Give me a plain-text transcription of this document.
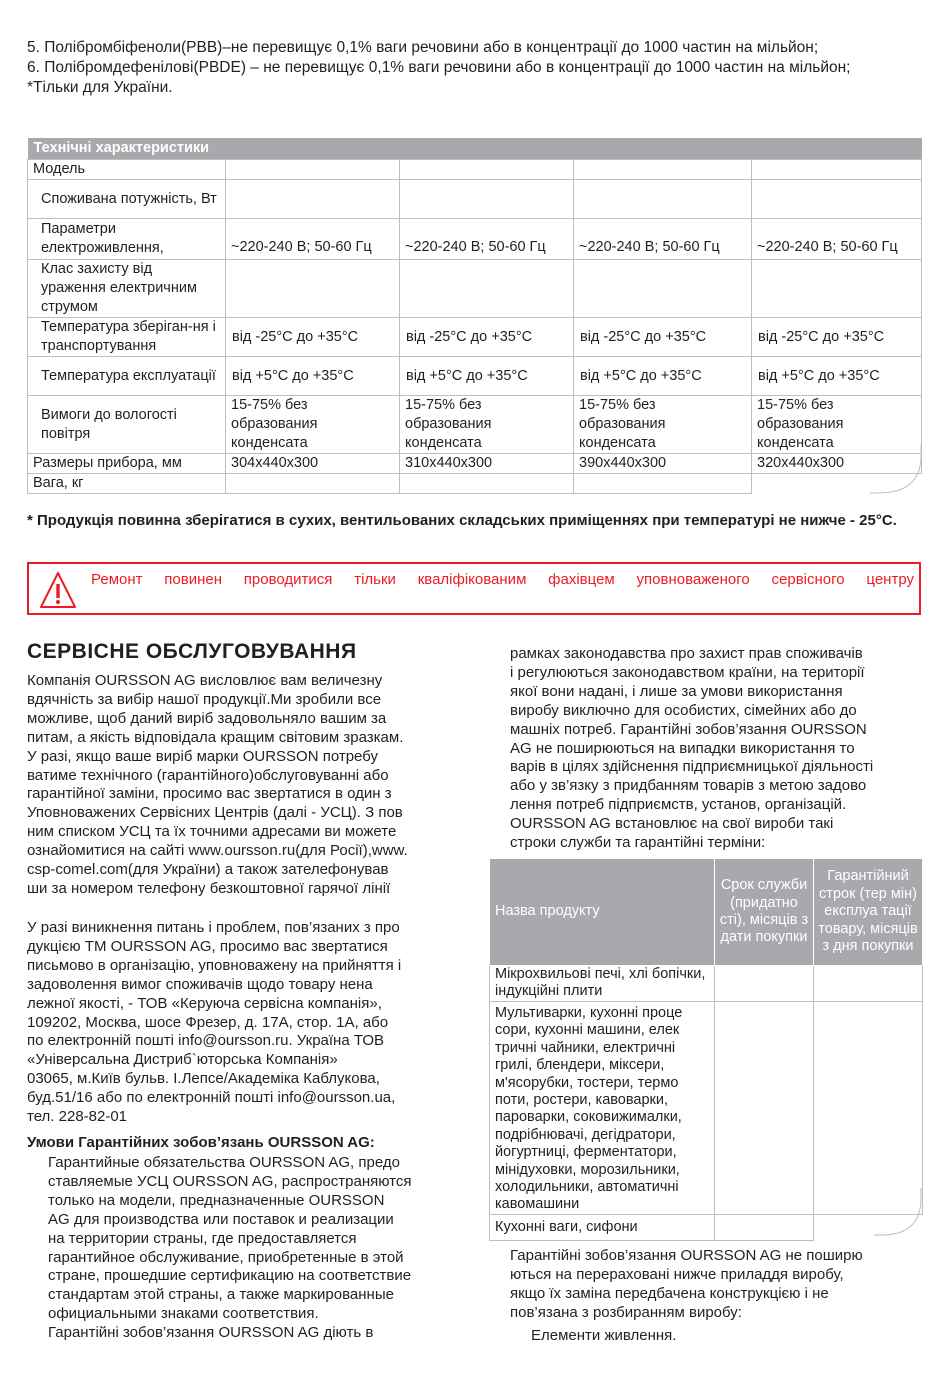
5. Полібромбіфеноли(PBB)–не перевищує 0,1% ваги речовини або в концентрації до 1000 частин на мільйон;

6. Полібромдефенілові(PBDE) – не перевищує 0,1% ваги речовини або в концентрації до 1000 частин на мільйон;

*Тільки для України.

Технічні характеристики				
Модель				
Споживана потужність, Вт				
Параметри електроживлення,	~220-240 В; 50-60 Гц	~220-240 В; 50-60 Гц	~220-240 В; 50-60 Гц	~220-240 В; 50-60 Гц
Клас захисту від ураження електричним струмом				
Температура зберіган-ня і транспортування	від -25°C до +35°C	від -25°C до +35°C	від -25°C до +35°C	від -25°C до +35°C
Температура експлуатації	від +5°C до +35°C	від +5°C до +35°C	від +5°C до +35°C	від +5°C до +35°C
Вимоги до вологості повітря	15-75% без образования конденсата	15-75% без образования конденсата	15-75% без образования конденсата	15-75% без образования конденсата
Размеры прибора, мм	304x440x300	310x440x300	390x440x300	320x440x300
Вага, кг				
* Продукція повинна зберігатися в сухих, вентильованих складських приміщеннях при температурі не нижче - 25°C.
Ремонт повинен проводитися тільки кваліфікованим фахівцем уповноваженого сервісного центру
СЕРВІСНЕ ОБСЛУГОВУВАННЯ

Компанія OURSSON AG висловлює вам величезну

вдячність за вибір нашої продукції.Ми зробили все

можливе, щоб даний виріб задовольняло вашим за

питам, а якість відповідала кращим світовим зразкам.

У разі, якщо ваше виріб марки OURSSON потребу

ватиме технічного (гарантійного)обслуговуванні або

гарантійної заміни, просимо вас звертатися в один з

Уповноважених Сервісних Центрів (далі - УСЦ). З пов

ним списком УСЦ та їх точними адресами ви можете

ознайомитися на сайті www.oursson.ru(для Росії),www.

csp-comel.com(для України) а також зателефонував

ши за номером телефону безкоштовної гарячої лінії

У разі виникнення питань і проблем, пов’язаних з про

дукцією ТМ OURSSON AG, просимо вас звертатися

письмово в організацію, уповноважену на прийняття і

задоволення вимог споживачів щодо товару нена

лежної якості, - ТОВ «Керуюча сервісна компанія»,

109202, Москва, шосе Фрезер, д. 17А, стор. 1А, або

по електронній пошті info@oursson.ru. Україна ТОВ

«Універсальна Дистриб`юторська Компанія»

03065, м.Київ бульв. І.Лепсе/Академіка Каблукова,

буд.51/16 або по електронній пошті info@oursson.ua,

тел. 228-82-01

Умови Гарантійних зобов’язань OURSSON AG:

Гарантийные обязательства OURSSON AG, предо

ставляемые УСЦ OURSSON AG, распространяются

только на модели, предназначенные OURSSON

AG для производства или поставок и реализации

на территории страны, где предоставляется

гарантийное обслуживание, приобретенные в этой

стране, прошедшие сертификацию на соответствие

стандартам этой страны, а также маркированные

официальными знаками соответствия.

Гарантійні зобов’язання OURSSON AG діють в

рамках законодавства про захист прав споживачів

і регулюються законодавством країни, на території

якої вони надані, і лише за умови використання

виробу виключно для особистих, сімейних або до

машніх потреб. Гарантійні зобов’язання OURSSON

AG не поширюються на випадки використання то

варів в цілях здійснення підприємницької діяльності

або у зв’язку з придбанням товарів з метою задово

лення потреб підприємств, установ, організацій.

OURSSON AG встановлює на свої вироби такі

строки служби та гарантійні терміни:

Назва продукту	Срок служби (придатно сті), місяців з дати покупки	Гарантійний строк (тер мін) експлуа тації товару, місяців з дня покупки
Мікрохвильові печі, хлі бопічки, індукційні плити		
Мультиварки, кухонні проце сори, кухонні машини, елек тричні чайники, електричні грилі, блендери, міксери, м'ясорубки, тостери, термо поти, ростери, кавоварки, пароварки, соковижималки, подрібнювачі, дегідратори, йогуртниці, ферментатори, мінідуховки, морозильники, холодильники, автоматичні кавомашини		
Кухонні ваги, сифони		

Гарантійні зобов’язання OURSSON AG не поширю

ються на перераховані нижче приладдя виробу,

якщо їх заміна передбачена конструкцією і не

пов’язана з розбиранням виробу:

Елементи живлення.
